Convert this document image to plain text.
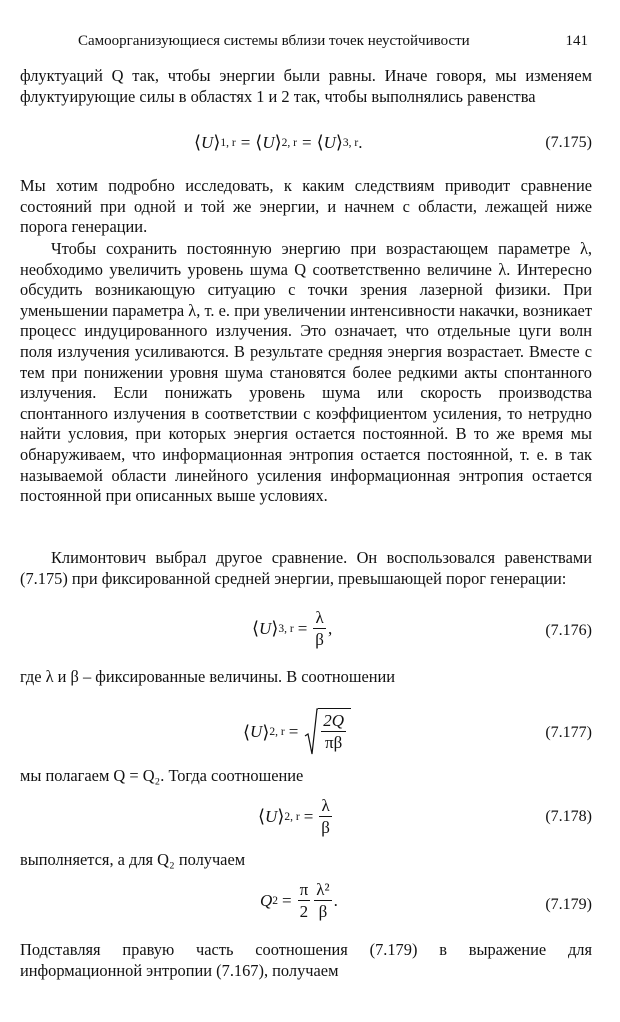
Самоорганизующиеся системы вблизи точек неустойчивости	141

флуктуаций Q так, чтобы энергии были равны. Иначе говоря, мы изменяем флуктуирующие силы в областях 1 и 2 так, чтобы выполнялись равенства

⟨ U ⟩ 1, r = ⟨ U ⟩ 2, r = ⟨ U ⟩ 3, r .	(7.175)

Мы хотим подробно исследовать, к каким следствиям приводит сравнение состояний при одной и той же энергии, и начнем с области, лежащей ниже порога генерации.

Чтобы сохранить постоянную энергию при возрастающем параметре λ, необходимо увеличить уровень шума Q соответственно величине λ. Интересно обсудить возникающую ситуацию с точки зрения лазерной физики. При уменьшении параметра λ, т. е. при увеличении интенсивности накачки, возникает процесс индуцированного излучения. Это означает, что отдельные цуги волн поля излучения усиливаются. В результате средняя энергия возрастает. Вместе с тем при понижении уровня шума становятся более редкими акты спонтанного излучения. Если понижать уровень шума или скорость производства спонтанного излучения в соответствии с коэффициентом усиления, то нетрудно найти условия, при которых энергия остается постоянной. В то же время мы обнаруживаем, что информационная энтропия остается постоянной, т. е. в так называемой области линейного усиления информационная энтропия остается постоянной при описанных выше условиях.

Климонтович выбрал другое сравнение. Он воспользовался равенствами (7.175) при фиксированной средней энергии, превышающей порог генерации:

⟨ U ⟩ 3, $r = \frac{\lambda}{\beta}$ ,	(7.176)

где λ и β – фиксированные величины. В соотношении

⟨ U ⟩ 2, $r = \frac{2Q}{\pi\beta}$	(7.177)

мы полагаем Q = Q₂. Тогда соотношение

⟨ U ⟩ 2, $r = \frac{\lambda}{\beta}$	(7.178)

выполняется, а для Q₂ получаем

Q $2 = \frac{\pi}{2} \frac{\text{λ²}}{\beta}$ .	(7.179)

Подставляя правую часть соотношения (7.179) в выражение для информационной энтропии (7.167), получаем
